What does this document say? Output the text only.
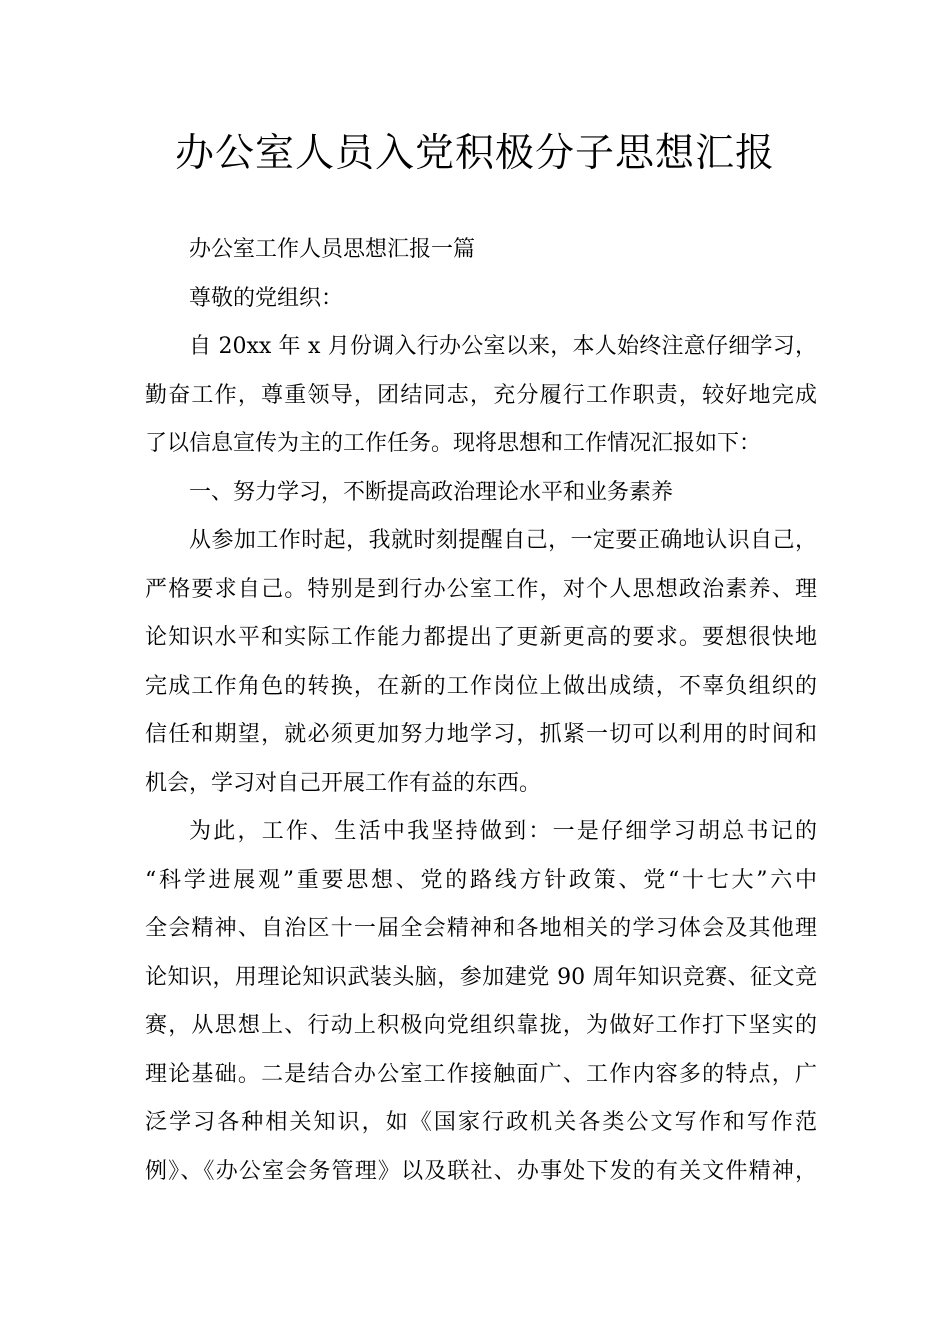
办公室人员入党积极分子思想汇报
办公室工作人员思想汇报一篇
尊敬的党组织：
自 20xx 年 x 月份调入行办公室以来，本人始终注意仔细学习，
勤奋工作，尊重领导，团结同志，充分履行工作职责，较好地完成
了以信息宣传为主的工作任务。现将思想和工作情况汇报如下：
一、努力学习，不断提高政治理论水平和业务素养
从参加工作时起，我就时刻提醒自己，一定要正确地认识自己，
严格要求自己。特别是到行办公室工作，对个人思想政治素养、理
论知识水平和实际工作能力都提出了更新更高的要求。要想很快地
完成工作角色的转换，在新的工作岗位上做出成绩，不辜负组织的
信任和期望，就必须更加努力地学习，抓紧一切可以利用的时间和
机会，学习对自己开展工作有益的东西。
为此，工作、生活中我坚持做到：一是仔细学习胡总书记的
“科学进展观”重要思想、党的路线方针政策、党“十七大”六中
全会精神、自治区十一届全会精神和各地相关的学习体会及其他理
论知识，用理论知识武装头脑，参加建党 90 周年知识竞赛、征文竞
赛，从思想上、行动上积极向党组织靠拢，为做好工作打下坚实的
理论基础。二是结合办公室工作接触面广、工作内容多的特点，广
泛学习各种相关知识，如《国家行政机关各类公文写作和写作范
例》、《办公室会务管理》以及联社、办事处下发的有关文件精神，
